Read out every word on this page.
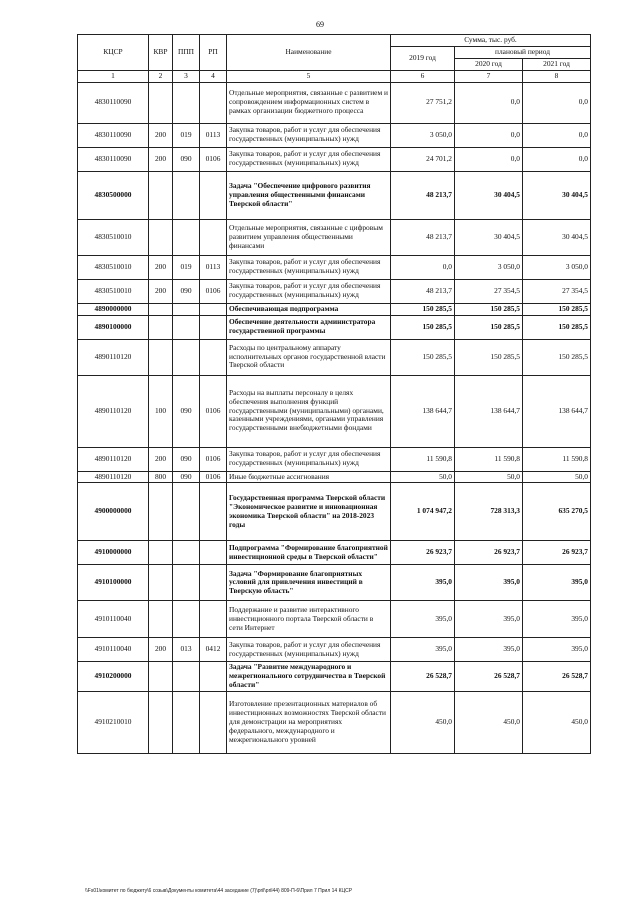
69
КЦСР	КВР	ППП	РП	Наименование	Сумма, тыс. руб.		
					2019 год	плановый период	
						2020 год	2021 год
1	2	3	4	5	6	7	8
4830110090				Отдельные мероприятия, связанные с развитием и сопровождением информационных систем в рамках организации бюджетного процесса	27 751,2	0,0	0,0
4830110090	200	019	0113	Закупка товаров, работ и услуг для обеспечения государственных (муниципальных) нужд	3 050,0	0,0	0,0
4830110090	200	090	0106	Закупка товаров, работ и услуг для обеспечения государственных (муниципальных) нужд	24 701,2	0,0	0,0
4830500000				Задача "Обеспечение цифрового развития управления общественными финансами Тверской области"	48 213,7	30 404,5	30 404,5
4830510010				Отдельные мероприятия, связанные с цифровым развитием управления общественными финансами	48 213,7	30 404,5	30 404,5
4830510010	200	019	0113	Закупка товаров, работ и услуг для обеспечения государственных (муниципальных) нужд	0,0	3 050,0	3 050,0
4830510010	200	090	0106	Закупка товаров, работ и услуг для обеспечения государственных (муниципальных) нужд	48 213,7	27 354,5	27 354,5
4890000000				Обеспечивающая подпрограмма	150 285,5	150 285,5	150 285,5
4890100000				Обеспечение деятельности администратора государственной программы	150 285,5	150 285,5	150 285,5
4890110120				Расходы по центральному аппарату исполнительных органов государственной власти Тверской области	150 285,5	150 285,5	150 285,5
4890110120	100	090	0106	Расходы на выплаты персоналу в целях обеспечения выполнения функций государственными (муниципальными) органами, казенными учреждениями, органами управления государственными внебюджетными фондами	138 644,7	138 644,7	138 644,7
4890110120	200	090	0106	Закупка товаров, работ и услуг для обеспечения государственных (муниципальных) нужд	11 590,8	11 590,8	11 590,8
4890110120	800	090	0106	Иные бюджетные ассигнования	50,0	50,0	50,0
4900000000				Государственная программа Тверской области "Экономическое развитие и инновационная экономика Тверской области" на 2018-2023 годы	1 074 947,2	728 313,3	635 270,5
4910000000				Подпрограмма "Формирование благоприятной инвестиционной среды в Тверской области"	26 923,7	26 923,7	26 923,7
4910100000				Задача "Формирование благоприятных условий для привлечения инвестиций в Тверскую область"	395,0	395,0	395,0
4910110040				Поддержание и развитие интерактивного инвестиционного портала Тверской области в сети Интернет	395,0	395,0	395,0
4910110040	200	013	0412	Закупка товаров, работ и услуг для обеспечения государственных (муниципальных) нужд	395,0	395,0	395,0
4910200000				Задача "Развитие международного и межрегионального сотрудничества в Тверской области"	26 528,7	26 528,7	26 528,7
4910210010				Изготовление презентационных материалов об инвестиционных возможностях Тверской области для демонстрации на мероприятиях федерального, международного и межрегионального уровней	450,0	450,0	450,0
\\Fs01\комитет по бюджету\6 созыв\Документы комитета\44 заседание (7)\pril\pril44) 809-П-6\Прил 7 Прил 14 КЦСР
